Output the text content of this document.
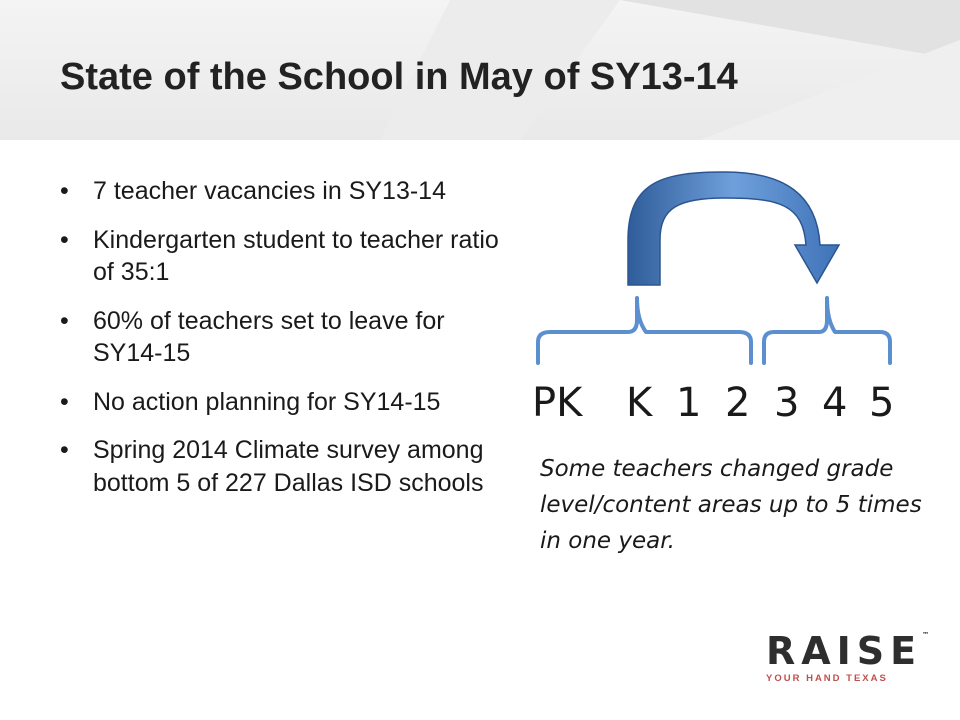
State of the School in May of SY13-14
• 7 teacher vacancies in SY13-14
• Kindergarten student to teacher ratio of 35:1
• 60% of teachers set to leave for SY14-15
• No action planning for SY14-15
• Spring 2014 Climate survey among bottom 5 of 227 Dallas ISD schools
PK K 1 2 3 4 5
Some teachers changed grade level/content areas up to 5 times in one year.
RAISE™
YOUR HAND TEXAS
